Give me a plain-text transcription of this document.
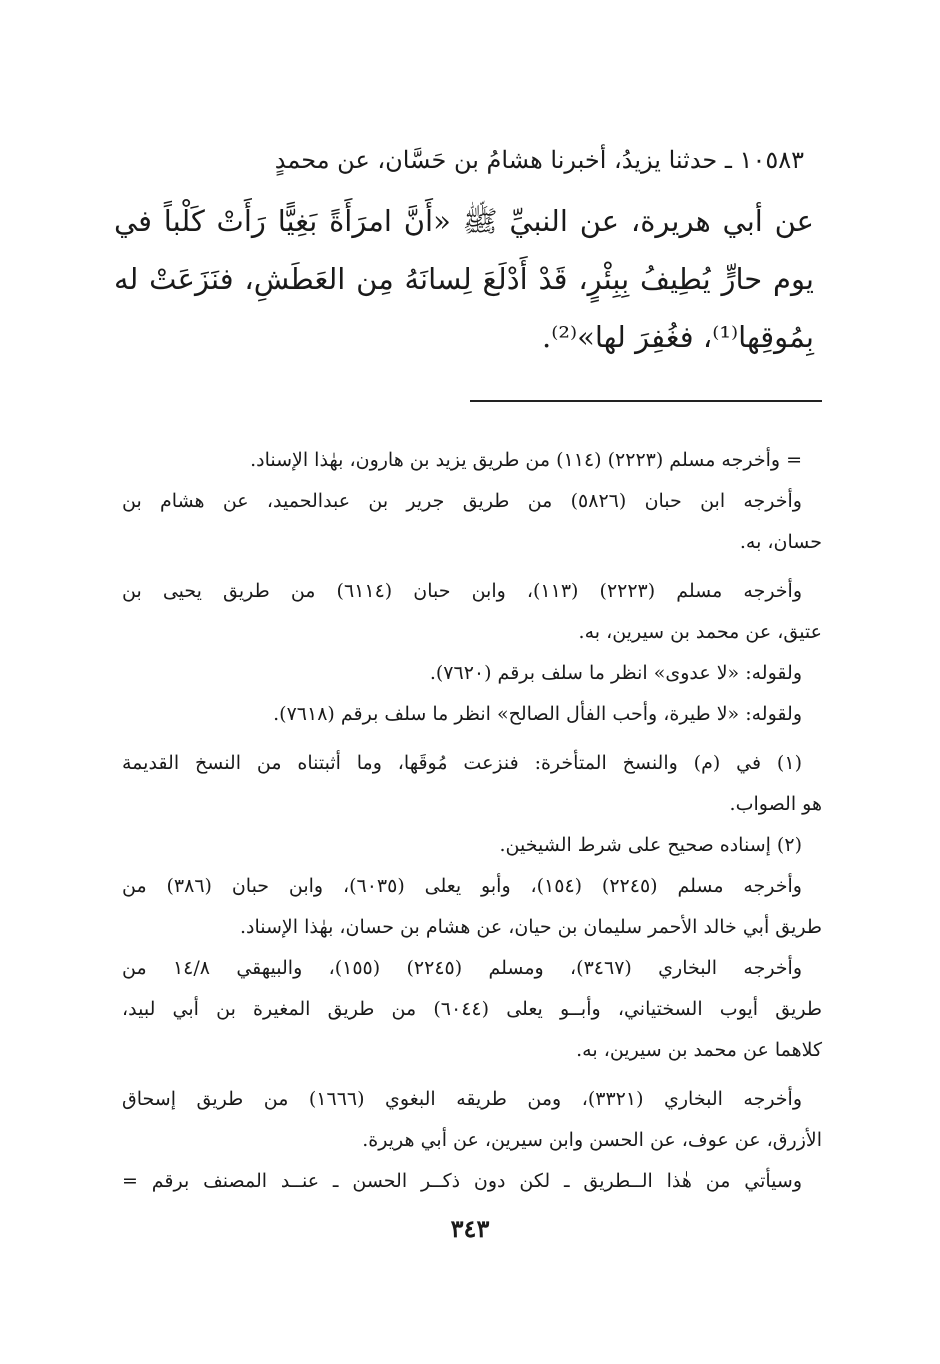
١٠٥٨٣ ـ حدثنا يزيدُ، أخبرنا هشامُ بن حَسَّان، عن محمدٍ
عن أبي هريرة، عن النبيِّ ﷺ «أَنَّ امرَأَةً بَغِيًّا رَأَتْ كَلْباً في
يوم حارٍّ يُطِيفُ بِبِئْرٍ، قَدْ أَدْلَعَ لِسانَهُ مِن العَطَشِ، فنَزَعَتْ له
بِمُوقِها⁽¹⁾، فغُفِرَ لها»⁽²⁾.
= وأخرجه مسلم (٢٢٢٣) (١١٤) من طريق يزيد بن هارون، بهٰذا الإسناد.
وأخرجه ابن حبان (٥٨٢٦) من طريق جرير بن عبدالحميد، عن هشام بن
حسان، به.
وأخرجه مسلم (٢٢٢٣) (١١٣)، وابن حبان (٦١١٤) من طريق يحيى بن
عتيق، عن محمد بن سيرين، به.
ولقوله: «لا عدوى» انظر ما سلف برقم (٧٦٢٠).
ولقوله: «لا طيرة، وأحب الفأل الصالح» انظر ما سلف برقم (٧٦١٨).
(١) في (م) والنسخ المتأخرة: فنزعت مُوقَها، وما أثبتناه من النسخ القديمة
هو الصواب.
(٢) إسناده صحيح على شرط الشيخين.
وأخرجه مسلم (٢٢٤٥) (١٥٤)، وأبو يعلى (٦٠٣٥)، وابن حبان (٣٨٦) من
طريق أبي خالد الأحمر سليمان بن حيان، عن هشام بن حسان، بهٰذا الإسناد.
وأخرجه البخاري (٣٤٦٧)، ومسلم (٢٢٤٥) (١٥٥)، والبيهقي ١٤/٨ من
طريق أيوب السختياني، وأبــو يعلى (٦٠٤٤) من طريق المغيرة بن أبي لبيد،
كلاهما عن محمد بن سيرين، به.
وأخرجه البخاري (٣٣٢١)، ومن طريقه البغوي (١٦٦٦) من طريق إسحاق
الأزرق، عن عوف، عن الحسن وابن سيرين، عن أبي هريرة.
وسيأتي من هٰذا الــطريق ـ لكن دون ذكــر الحسن ـ عنــد المصنف برقم =
٣٤٣
